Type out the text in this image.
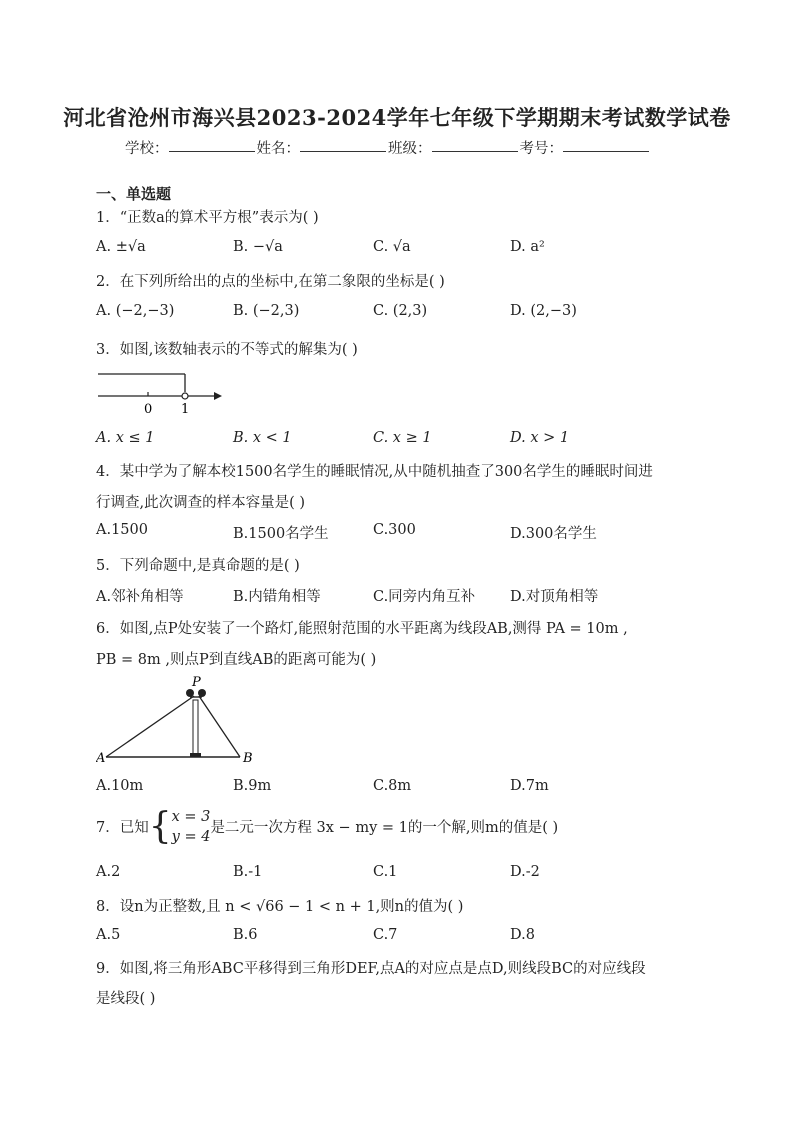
河北省沧州市海兴县2023-2024学年七年级下学期期末考试数学试卷
学校：	姓名：	班级：	考号：
一、单选题
1．“正数a的算术平方根”表示为( )
A. ±√a	B. −√a	C. √a	D. a²
2．在下列所给出的点的坐标中,在第二象限的坐标是( )
A. (−2,−3)	B. (−2,3)	C. (2,3)	D. (2,−3)
3．如图,该数轴表示的不等式的解集为( )
0 1
A. x ≤ 1	B. x < 1	C. x ≥ 1	D. x > 1
4．某中学为了解本校1500名学生的睡眠情况,从中随机抽查了300名学生的睡眠时间进
行调查,此次调查的样本容量是( )
A.1500	B.1500名学生	C.300	D.300名学生
5．下列命题中,是真命题的是( )
A.邻补角相等	B.内错角相等	C.同旁内角互补 D.对顶角相等
6．如图,点P处安装了一个路灯,能照射范围的水平距离为线段AB,测得 PA = 10m ,
PB = 8m ,则点P到直线AB的距离可能为( )
P
A	B
A.10m	B.9m	C.8m	D.7m
7．已知 { x = 3
y = 4
是二元一次方程 3x − my = 1的一个解,则m的值是( )
A.2	B.-1	C.1	D.-2
8．设n为正整数,且 n < √66 − 1 < n + 1,则n的值为( )
A.5	B.6	C.7	D.8
9．如图,将三角形ABC平移得到三角形DEF,点A的对应点是点D,则线段BC的对应线段
是线段( )
